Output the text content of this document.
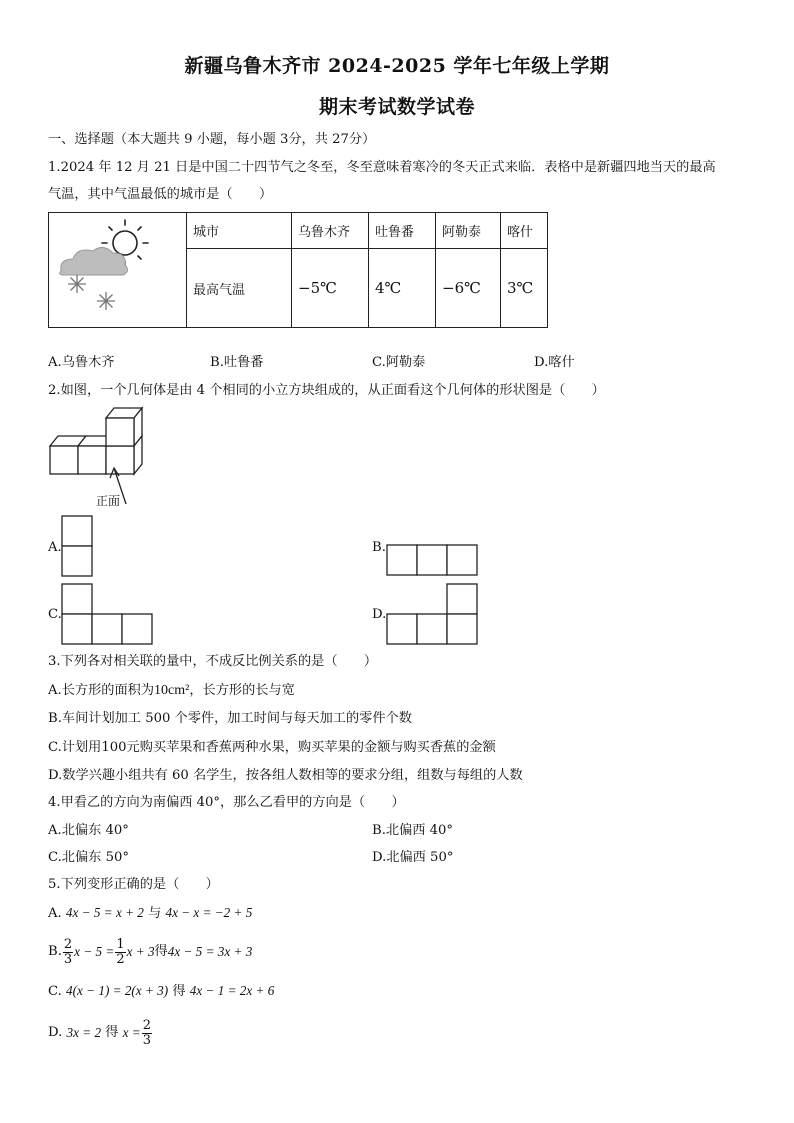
新疆乌鲁木齐市 2024-2025 学年七年级上学期
期末考试数学试卷
一、选择题（本大题共 9 小题，每小题 3分，共 27分）
1.2024 年 12 月 21 日是中国二十四节气之冬至，冬至意味着寒冷的冬天正式来临．表格中是新疆四地当天的最高
气温，其中气温最低的城市是（　　）
	城市	乌鲁木齐	吐鲁番	阿勒泰	喀什
	最高气温	−5℃	4℃	−6℃	3℃
A.乌鲁木齐	B.吐鲁番	C.阿勒泰	D.喀什
2.如图，一个几何体是由 4 个相同的小立方块组成的，从正面看这个几何体的形状图是（　　）
正面
A.	B.
C.	D.
3.下列各对相关联的量中，不成反比例关系的是（　　）
A.长方形的面积为10cm²，长方形的长与宽
B.车间计划加工 500 个零件，加工时间与每天加工的零件个数
C.计划用100元购买苹果和香蕉两种水果，购买苹果的金额与购买香蕉的金额
D.数学兴趣小组共有 60 名学生，按各组人数相等的要求分组，组数与每组的人数
4.甲看乙的方向为南偏西 40°，那么乙看甲的方向是（　　）
A.北偏东 40°	B.北偏西 40°
C.北偏东 50°	D.北偏西 50°
5.下列变形正确的是（　　）
A. 4x − 5 = x + 2 与 4x − x = −2 + 5
B. $\frac{2}{3}$ $x - 5 = \frac{1}{2}$ x + 3 得 4x − 5 = 3x + 3
C. 4(x − 1) = 2(x + 3) 得 4x − 1 = 2x + 6
D.
3x = 2
得
$x = \frac{2}{3}$
